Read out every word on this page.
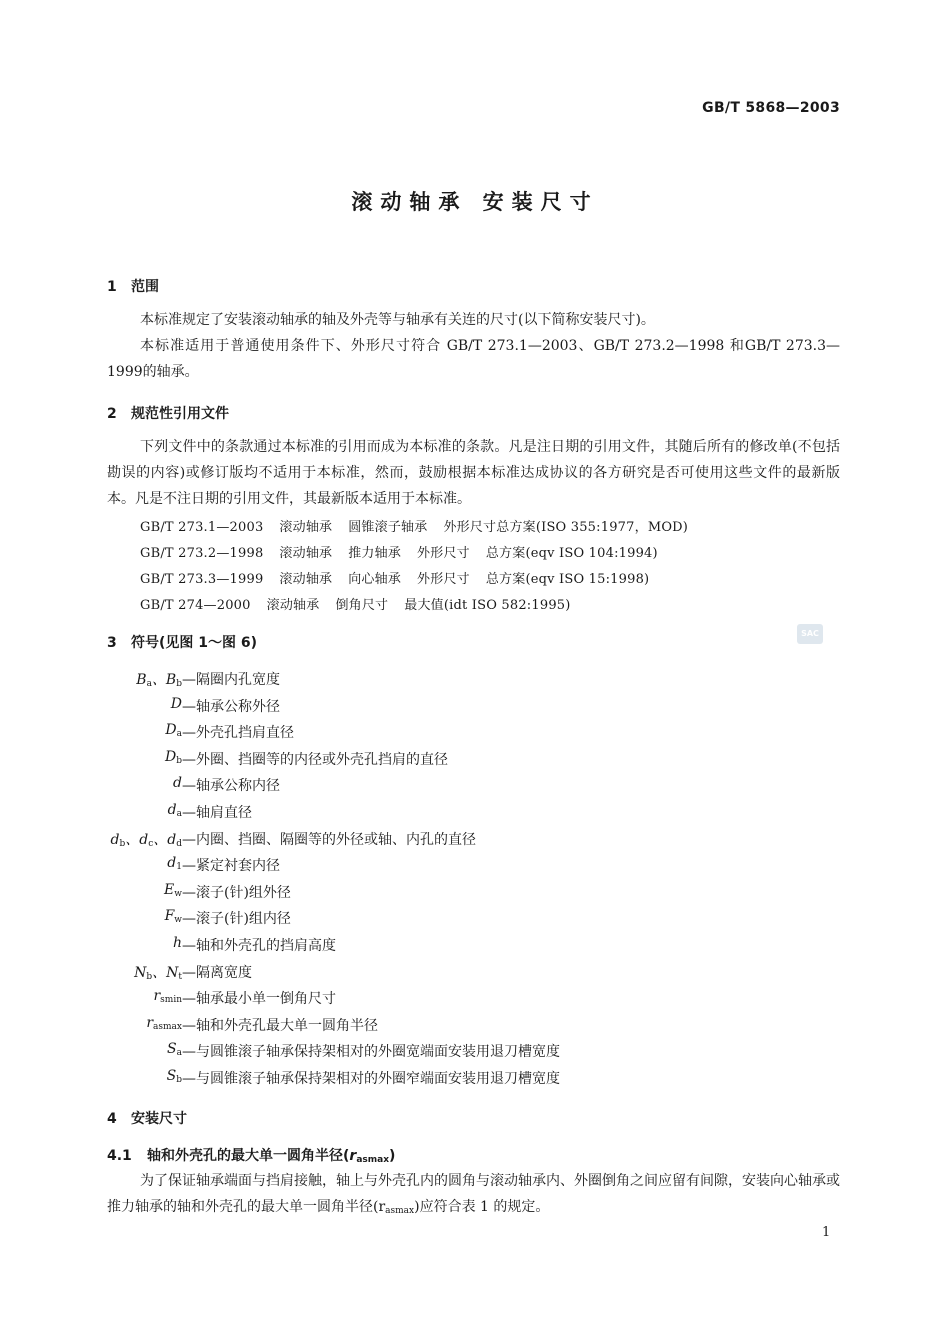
GB/T 5868—2003
滚动轴承 安装尺寸
1 范围

本标准规定了安装滚动轴承的轴及外壳等与轴承有关连的尺寸(以下简称安装尺寸)。

本标准适用于普通使用条件下、外形尺寸符合 GB/T 273.1—2003、GB/T 273.2—1998 和GB/T 273.3—1999的轴承。

2 规范性引用文件

下列文件中的条款通过本标准的引用而成为本标准的条款。凡是注日期的引用文件，其随后所有的修改单(不包括勘误的内容)或修订版均不适用于本标准，然而，鼓励根据本标准达成协议的各方研究是否可使用这些文件的最新版本。凡是不注日期的引用文件，其最新版本适用于本标准。

GB/T 273.1—2003 滚动轴承 圆锥滚子轴承 外形尺寸总方案(ISO 355:1977，MOD)
GB/T 273.2—1998 滚动轴承 推力轴承 外形尺寸 总方案(eqv ISO 104:1994)
GB/T 273.3—1999 滚动轴承 向心轴承 外形尺寸 总方案(eqv ISO 15:1998)
GB/T 274—2000 滚动轴承 倒角尺寸 最大值(idt ISO 582:1995)
3 符号(见图 1～图 6)
SAC
$B_a$、$B_b$ —隔圈内孔宽度
D —轴承公称外径
$D_a$ —外壳孔挡肩直径
$D_b$ —外圈、挡圈等的内径或外壳孔挡肩的直径
d —轴承公称内径
$d_a$ —轴肩直径
$d_b$、$d_c$、$d_d$ —内圈、挡圈、隔圈等的外径或轴、内孔的直径
$d_1$ —紧定衬套内径
$E_w$ —滚子(针)组外径
$F_w$ —滚子(针)组内径
h —轴和外壳孔的挡肩高度
$N_b$、$N_t$ —隔离宽度
$r_{smin}$ —轴承最小单一倒角尺寸
$r_{asmax}$ —轴和外壳孔最大单一圆角半径
$S_a$ —与圆锥滚子轴承保持架相对的外圈宽端面安装用退刀槽宽度
$S_b$ —与圆锥滚子轴承保持架相对的外圈窄端面安装用退刀槽宽度
4 安装尺寸
4.1 轴和外壳孔的最大单一圆角半径$(r_{asmax})$

为了保证轴承端面与挡肩接触，轴上与外壳孔内的圆角与滚动轴承内、外圈倒角之间应留有间隙，安装向心轴承或推力轴承的轴和外壳孔的最大单一圆角半径$(r_{asmax})$应符合表 1 的规定。

1
